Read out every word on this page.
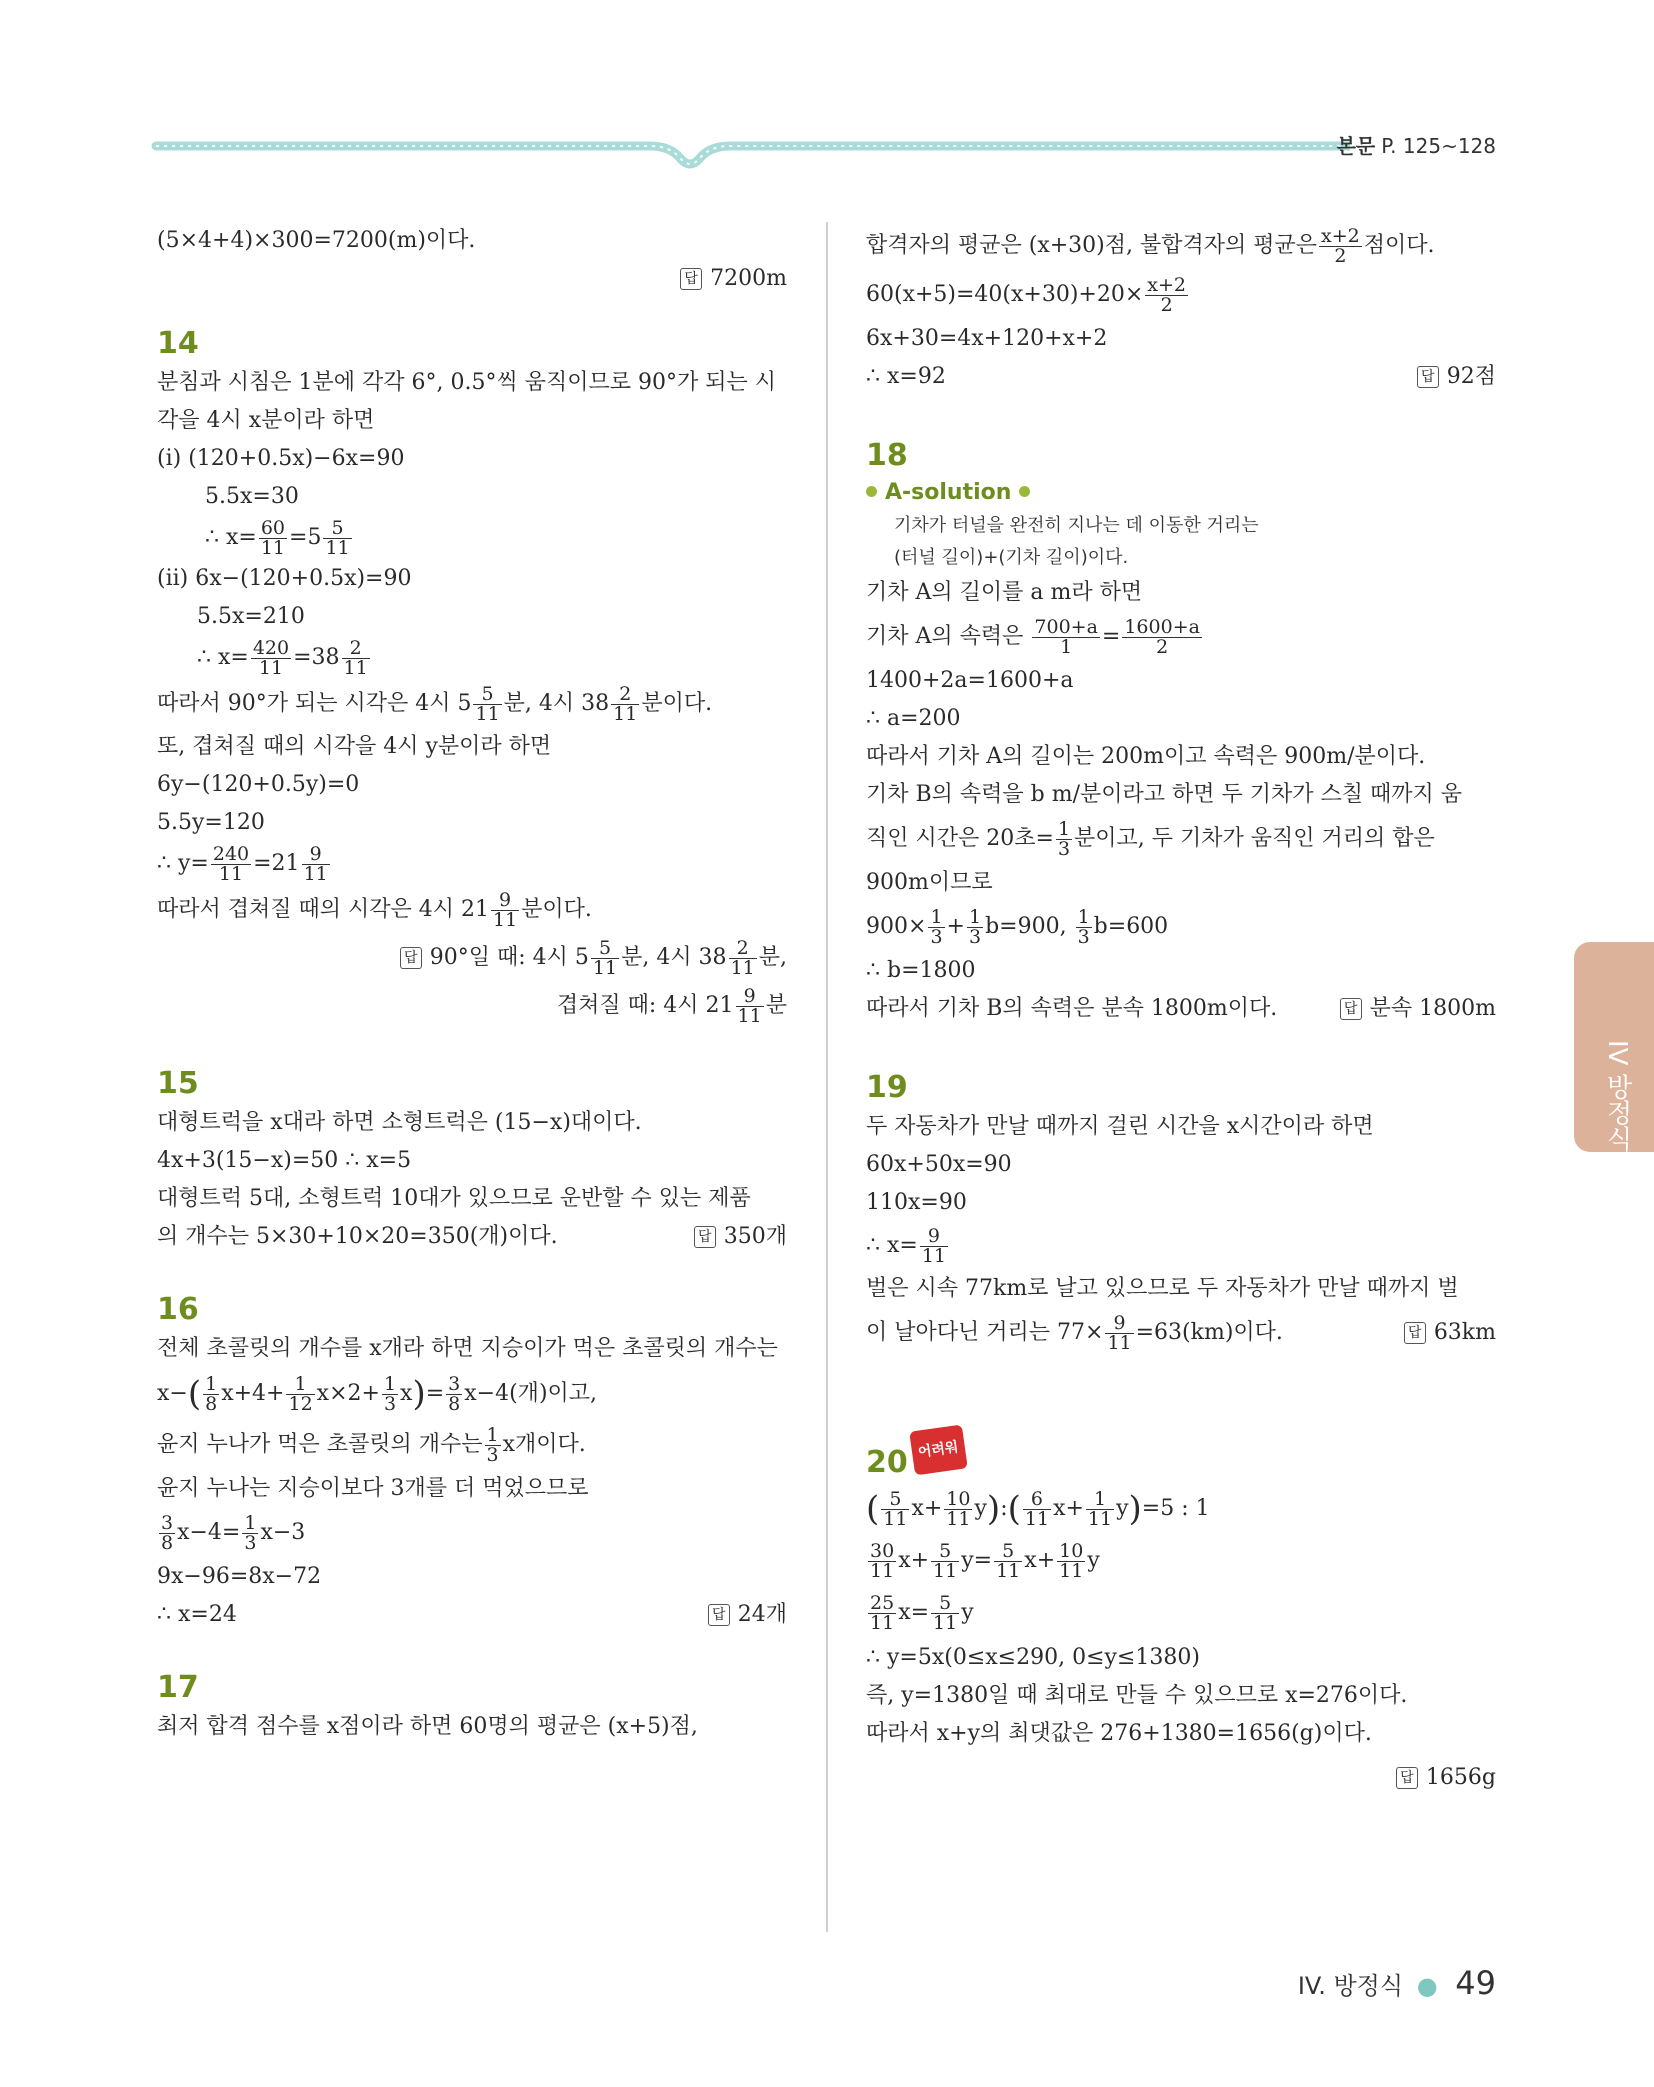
본문 P. 125~128
(5×4+4)×300=7200(m)이다.
답 7200m
14
분침과 시침은 1분에 각각 6°, 0.5°씩 움직이므로 90°가 되는 시
각을 4시 x분이라 하면
(i) (120+0.5x)−6x=90
5.5x=30
∴ $x= \frac{60}{11} =5 \frac{5}{11}$
(ii) 6x−(120+0.5x)=90
5.5x=210
∴ $x= \frac{420}{11} =38 \frac{2}{11}$
따라서 90°가 되는 시각은 4시 $5 \frac{5}{11}$ 분, 4시 $38 \frac{2}{11}$ 분이다.
또, 겹쳐질 때의 시각을 4시 y분이라 하면
6y−(120+0.5y)=0
5.5y=120
∴ $y= \frac{240}{11} =21 \frac{9}{11}$
따라서 겹쳐질 때의 시각은 4시 $21 \frac{9}{11}$ 분이다.
답 90°일 때: 4시 $5 \frac{5}{11}$ 분, 4시 $38 \frac{2}{11}$ 분,
겹쳐질 때: 4시 $21 \frac{9}{11}$ 분
15
대형트럭을 x대라 하면 소형트럭은 (15−x)대이다.
4x+3(15−x)=50 ∴ x=5
대형트럭 5대, 소형트럭 10대가 있으므로 운반할 수 있는 제품
의 개수는 5×30+10×20=350(개)이다.	답 350개
16
전체 초콜릿의 개수를 x개라 하면 지승이가 먹은 초콜릿의 개수는
$x-( \frac{1}{8} x+4+ \frac{1}{12} x\times 2+ \frac{1}{3} x)= \frac{3}{8} x-4$(개)이고,
윤지 누나가 먹은 초콜릿의 개수는 $\frac{1}{3}$ x개이다.
윤지 누나는 지승이보다 3개를 더 먹었으므로
$\frac{3}{8} x-4= \frac{1}{3} x-3$
9x−96=8x−72
∴ x=24	답 24개
17
최저 합격 점수를 x점이라 하면 60명의 평균은 (x+5)점,
합격자의 평균은 (x+30)점, 불합격자의 평균은 $\frac{x+2}{2}$ 점이다.
$60(x+5)=40(x+30)+20\times \frac{x+2}{2}$
6x+30=4x+120+x+2
∴ x=92	답 92점
18
A-solution
기차가 터널을 완전히 지나는 데 이동한 거리는
(터널 길이)+(기차 길이)이다.
기차 A의 길이를 a m라 하면
기차 A의 속력은 $\frac{700+a}{1} = \frac{1600+a}{2}$
1400+2a=1600+a
∴ a=200
따라서 기차 A의 길이는 200m이고 속력은 900m/분이다.
기차 B의 속력을 b m/분이라고 하면 두 기차가 스칠 때까지 움
직인 시간은 20초= $\frac{1}{3}$ 분이고, 두 기차가 움직인 거리의 합은
900m이므로
$900\times \frac{1}{3} + \frac{1}{3} b=900$, $\frac{1}{3} b=600$
∴ b=1800
따라서 기차 B의 속력은 분속 1800m이다.	답 분속 1800m
19
두 자동차가 만날 때까지 걸린 시간을 x시간이라 하면
60x+50x=90
110x=90
∴ $x= \frac{9}{11}$
벌은 시속 77km로 날고 있으므로 두 자동차가 만날 때까지 벌
이 날아다닌 거리는 $77\times \frac{9}{11} =63(km)$이다.	답 63km
20 어려워
( $\frac{5}{11} x+ \frac{10}{11}$ y):( $\frac{6}{11} x+ \frac{1}{11} y)=5$ : 1
$\frac{30}{11} x+ \frac{5}{11} y= \frac{5}{11} x+ \frac{10}{11}$ y
$\frac{25}{11} x= \frac{5}{11}$ y
∴ y=5x(0≤x≤290, 0≤y≤1380)
즉, y=1380일 때 최대로 만들 수 있으므로 x=276이다.
따라서 x+y의 최댓값은 276+1380=1656(g)이다.
답 1656g
IV 방정식
IV. 방정식 ● 49
